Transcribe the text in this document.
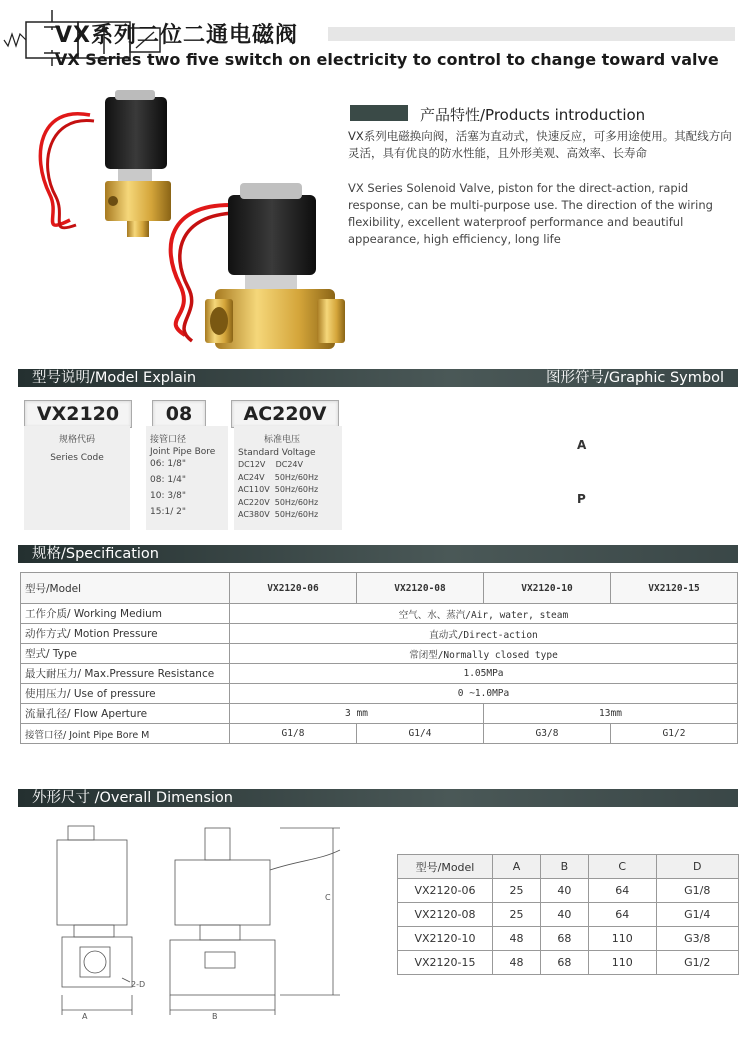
VX系列二位二通电磁阀
VX Series two five switch on electricity to control to change toward valve
产品特性/Products introduction
VX系列电磁换向阀，活塞为直动式，快速反应，可多用途使用。其配线方向灵活，具有优良的防水性能，且外形美观、高效率、长寿命
VX Series Solenoid Valve, piston for the direct-action, rapid response, can be multi-purpose use. The direction of the wiring flexibility, excellent waterproof performance and beautiful appearance, high efficiency, long life
型号说明/Model Explain	图形符号/Graphic Symbol
VX2120	08	AC220V
规格代码
Series Code
接管口径
Joint Pipe Bore
06: 1/8"
08: 1/4"
10: 3/8"
15:1/ 2"
标准电压
Standard Voltage
DC12V    DC24V
AC24V    50Hz/60Hz
AC110V  50Hz/60Hz
AC220V  50Hz/60Hz
AC380V  50Hz/60Hz
A
P
规格/Specification
型号/Model	VX2120-06	VX2120-08	VX2120-10	VX2120-15
工作介质/ Working Medium	空气、水、蒸汽/Air, water, steam			
动作方式/ Motion Pressure	直动式/Direct-action			
型式/ Type	常闭型/Normally closed type			
最大耐压力/ Max.Pressure Resistance	1.05MPa			
使用压力/ Use of pressure	0 ~1.0MPa			
流量孔径/ Flow Aperture	3 mm		13mm	
接管口径/ Joint Pipe Bore M	G1/8	G1/4	G3/8	G1/2
外形尺寸 /Overall Dimension
A	B
C
2-D
型号/Model	A	B	C	D
VX2120-06	25	40	64	G1/8
VX2120-08	25	40	64	G1/4
VX2120-10	48	68	110	G3/8
VX2120-15	48	68	110	G1/2
